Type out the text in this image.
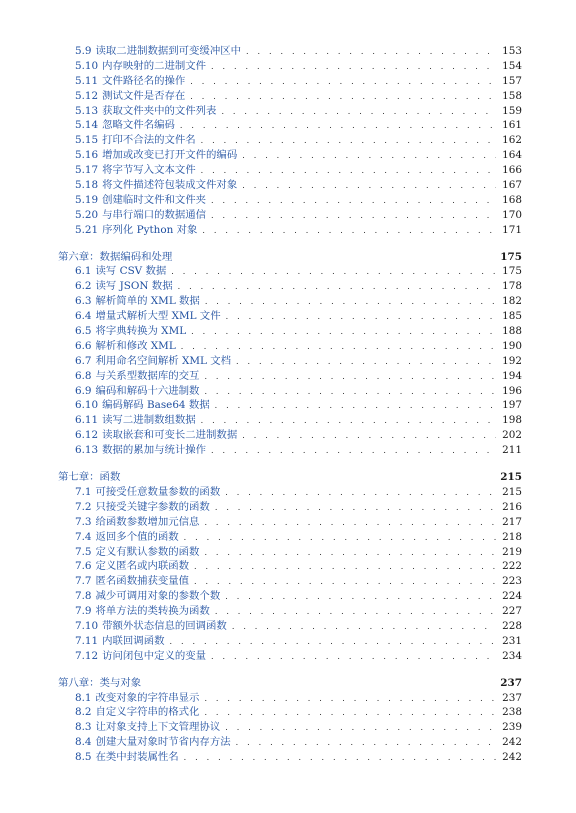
5.9 读取二进制数据到可变缓冲区中 . . .	153
5.10 内存映射的二进制文件 . . .	154
5.11 文件路径名的操作 . . .	157
5.12 测试文件是否存在 . . .	158
5.13 获取文件夹中的文件列表 . . .	159
5.14 忽略文件名编码 . . .	161
5.15 打印不合法的文件名 . . .	162
5.16 增加或改变已打开文件的编码 . . .	164
5.17 将字节写入文本文件 . . .	166
5.18 将文件描述符包装成文件对象 . . .	167
5.19 创建临时文件和文件夹 . . .	168
5.20 与串行端口的数据通信 . . .	170
5.21 序列化 Python 对象 . . .	171
第六章：数据编码和处理	175
6.1 读写 CSV 数据 . . .	175
6.2 读写 JSON 数据 . . .	178
6.3 解析简单的 XML 数据 . . .	182
6.4 增量式解析大型 XML 文件 . . .	185
6.5 将字典转换为 XML . . .	188
6.6 解析和修改 XML . . .	190
6.7 利用命名空间解析 XML 文档 . . .	192
6.8 与关系型数据库的交互 . . .	194
6.9 编码和解码十六进制数 . . .	196
6.10 编码解码 Base64 数据 . . .	197
6.11 读写二进制数组数据 . . .	198
6.12 读取嵌套和可变长二进制数据 . . .	202
6.13 数据的累加与统计操作 . . .	211
第七章：函数	215
7.1 可接受任意数量参数的函数 . . .	215
7.2 只接受关键字参数的函数 . . .	216
7.3 给函数参数增加元信息 . . .	217
7.4 返回多个值的函数 . . .	218
7.5 定义有默认参数的函数 . . .	219
7.6 定义匿名或内联函数 . . .	222
7.7 匿名函数捕获变量值 . . .	223
7.8 减少可调用对象的参数个数 . . .	224
7.9 将单方法的类转换为函数 . . .	227
7.10 带额外状态信息的回调函数 . . .	228
7.11 内联回调函数 . . .	231
7.12 访问闭包中定义的变量 . . .	234
第八章：类与对象	237
8.1 改变对象的字符串显示 . . .	237
8.2 自定义字符串的格式化 . . .	238
8.3 让对象支持上下文管理协议 . . .	239
8.4 创建大量对象时节省内存方法 . . .	242
8.5 在类中封装属性名 . . .	242
